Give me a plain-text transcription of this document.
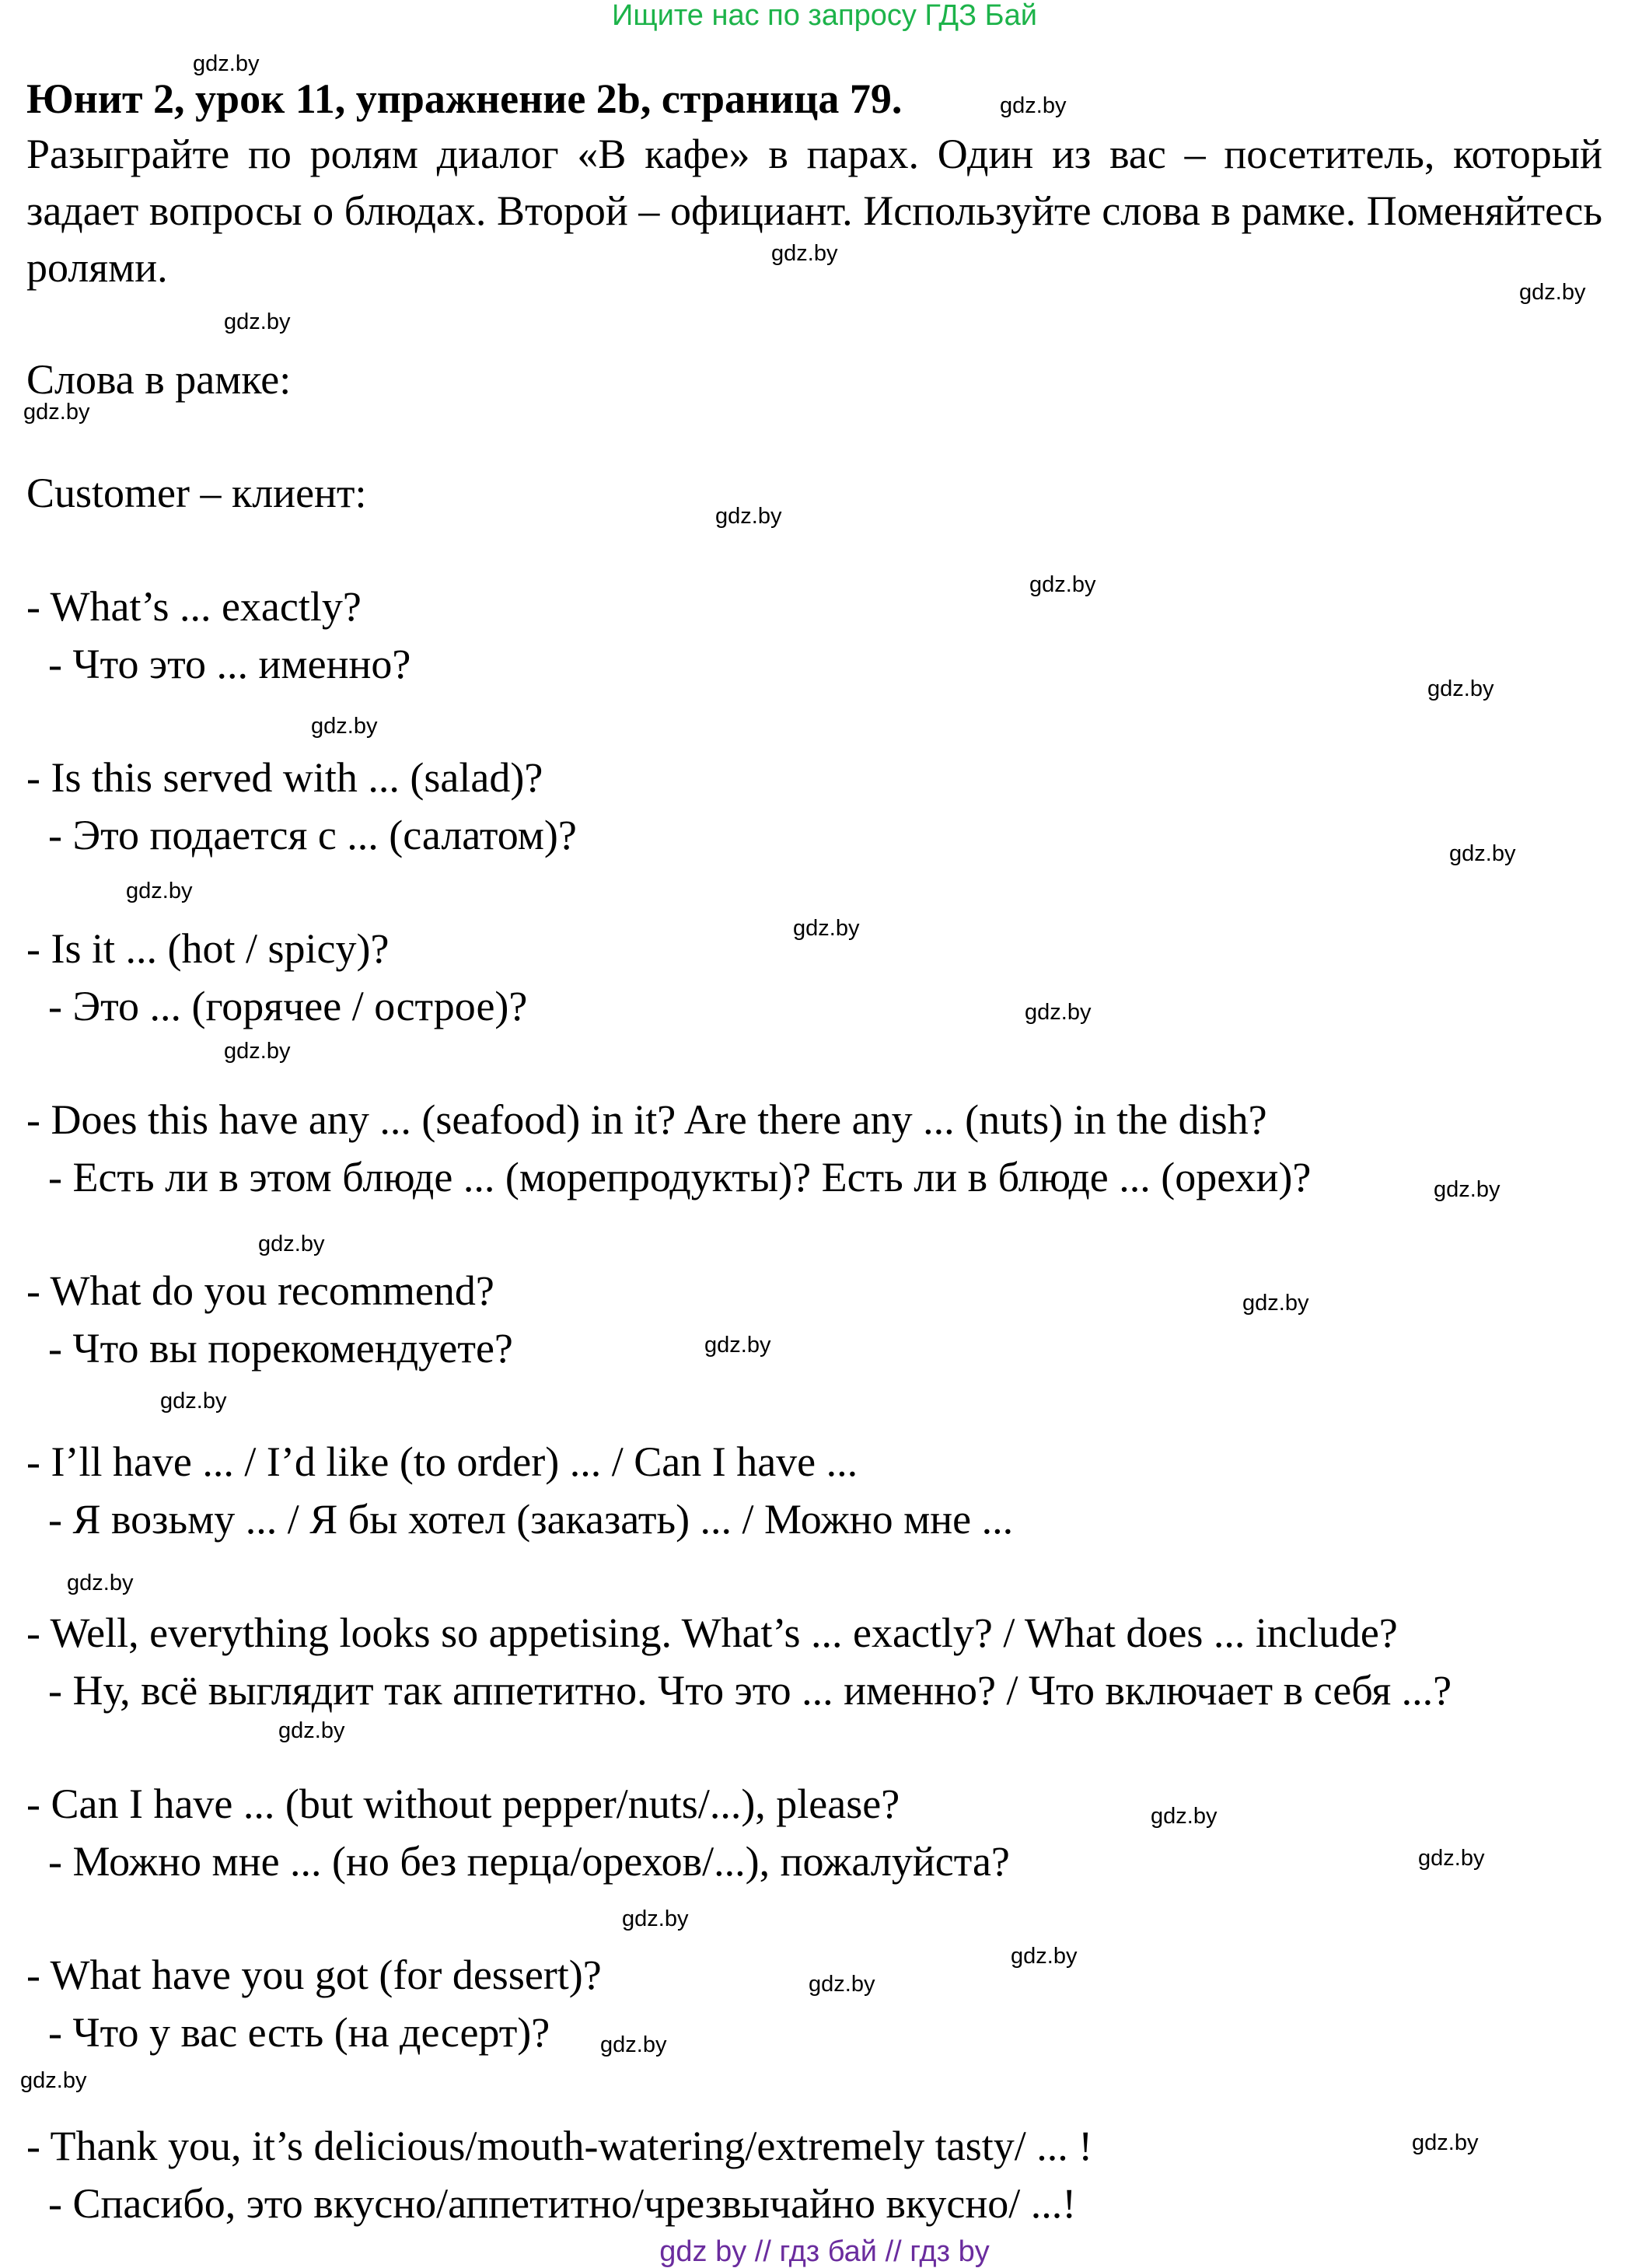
Ищите нас по запросу ГДЗ Бай
Юнит 2, урок 11, упражнение 2b, страница 79.
Разыграйте по ролям диалог «В кафе» в парах. Один из вас – посетитель, который задает вопросы о блюдах. Второй – официант. Используйте слова в рамке. Поменяйтесь ролями.
Слова в рамке:
Customer – клиент:
- What’s ... exactly?
- Что это ... именно?
- Is this served with ... (salad)?
- Это подается с ... (салатом)?
- Is it ... (hot / spicy)?
- Это ... (горячее / острое)?
- Does this have any ... (seafood) in it? Are there any ... (nuts) in the dish?
- Есть ли в этом блюде ... (морепродукты)? Есть ли в блюде ... (орехи)?
- What do you recommend?
- Что вы порекомендуете?
- I’ll have ... / I’d like (to order) ... / Can I have ...
- Я возьму ... / Я бы хотел (заказать) ... / Можно мне ...
- Well, everything looks so appetising. What’s ... exactly? / What does ... include?
- Ну, всё выглядит так аппетитно. Что это ... именно? / Что включает в себя ...?
- Can I have ... (but without pepper/nuts/...), please?
- Можно мне ... (но без перца/орехов/...), пожалуйста?
- What have you got (for dessert)?
- Что у вас есть (на десерт)?
- Thank you, it’s delicious/mouth-watering/extremely tasty/ ... !
- Спасибо, это вкусно/аппетитно/чрезвычайно вкусно/ ...!
gdz.by
gdz.by
gdz.by
gdz.by
gdz.by
gdz.by
gdz.by
gdz.by
gdz.by
gdz.by
gdz.by
gdz.by
gdz.by
gdz.by
gdz.by
gdz.by
gdz.by
gdz.by
gdz.by
gdz.by
gdz.by
gdz.by
gdz.by
gdz.by
gdz.by
gdz.by
gdz.by
gdz.by
gdz.by
gdz.by
gdz by // гдз бай // гдз by
